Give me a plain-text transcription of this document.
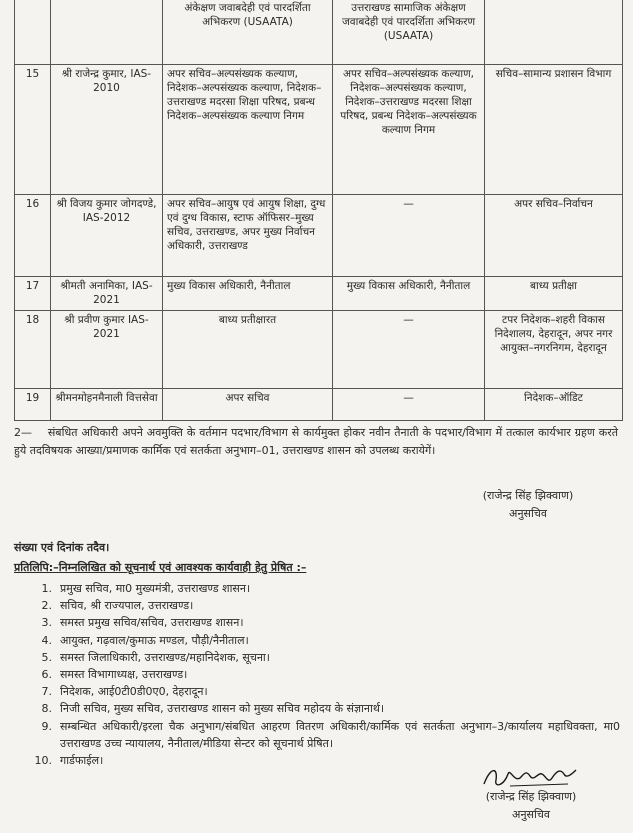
		अंकेक्षण जवाबदेही एवं पारदर्शिता अभिकरण (USAATA)	उत्तराखण्ड सामाजिक अंकेक्षण जवाबदेही एवं पारदर्शिता अभिकरण (USAATA)	
15	श्री राजेन्द्र कुमार, IAS-2010	अपर सचिव–अल्पसंख्यक कल्याण, निदेशक–अल्पसंख्यक कल्याण, निदेशक–उत्तराखण्ड मदरसा शिक्षा परिषद, प्रबन्ध निदेशक–अल्पसंख्यक कल्याण निगम	अपर सचिव–अल्पसंख्यक कल्याण, निदेशक–अल्पसंख्यक कल्याण, निदेशक–उत्तराखण्ड मदरसा शिक्षा परिषद, प्रबन्ध निदेशक–अल्पसंख्यक कल्याण निगम	सचिव–सामान्य प्रशासन विभाग
16	श्री विजय कुमार जोगदण्डे, IAS-2012	अपर सचिव–आयुष एवं आयुष शिक्षा, दुग्ध एवं दुग्ध विकास, स्टाफ ऑफिसर–मुख्य सचिव, उत्तराखण्ड, अपर मुख्य निर्वाचन अधिकारी, उत्तराखण्ड	—	अपर सचिव–निर्वाचन
17	श्रीमती अनामिका, IAS-2021	मुख्य विकास अधिकारी, नैनीताल	मुख्य विकास अधिकारी, नैनीताल	बाध्य प्रतीक्षा
18	श्री प्रवीण कुमार IAS-2021	बाध्य प्रतीक्षारत	—	टपर निदेशक–शहरी विकास निदेशालय, देहरादून, अपर नगर आयुक्त–नगरनिगम, देहरादून
19	श्रीमनमोहनमैनाली वित्तसेवा	अपर सचिव	—	निदेशक–ऑडिट
2— संबधित अधिकारी अपने अवमुक्ति के वर्तमान पदभार/विभाग से कार्यमुक्त होकर नवीन तैनाती के पदभार/विभाग में तत्काल कार्यभार ग्रहण करते हुये तदविषयक आख्या/प्रमाणक कार्मिक एवं सतर्कता अनुभाग–01, उत्तराखण्ड शासन को उपलब्ध करायेगें।
(राजेन्द्र सिंह झिक्वाण)
अनुसचिव
संख्या एवं दिनांक तदैव।
प्रतिलिपि:–निम्नलिखित को सूचनार्थ एवं आवश्यक कार्यवाही हेतु प्रेषित :–
1. प्रमुख सचिव, मा0 मुख्यमंत्री, उत्तराखण्ड शासन।
2. सचिव, श्री राज्यपाल, उत्तराखण्ड।
3. समस्त प्रमुख सचिव/सचिव, उत्तराखण्ड शासन।
4. आयुक्त, गढ़वाल/कुमाऊ मण्डल, पौड़ी/नैनीताल।
5. समस्त जिलाधिकारी, उत्तराखण्ड/महानिदेशक, सूचना।
6. समस्त विभागाध्यक्ष, उत्तराखण्ड।
7. निदेशक, आई0टी0डी0ए0, देहरादून।
8. निजी सचिव, मुख्य सचिव, उत्तराखण्ड शासन को मुख्य सचिव महोदय के संज्ञानार्थ।
9. सम्बन्धित अधिकारी/इरला चैक अनुभाग/संबधित आहरण वितरण अधिकारी/कार्मिक एवं सतर्कता अनुभाग–3/कार्यालय महाधिवक्ता, मा0 उत्तराखण्ड उच्च न्यायालय, नैनीताल/मीडिया सेन्टर को सूचनार्थ प्रेषित।
10. गार्डफाईल।
(राजेन्द्र सिंह झिक्वाण)
अनुसचिव
